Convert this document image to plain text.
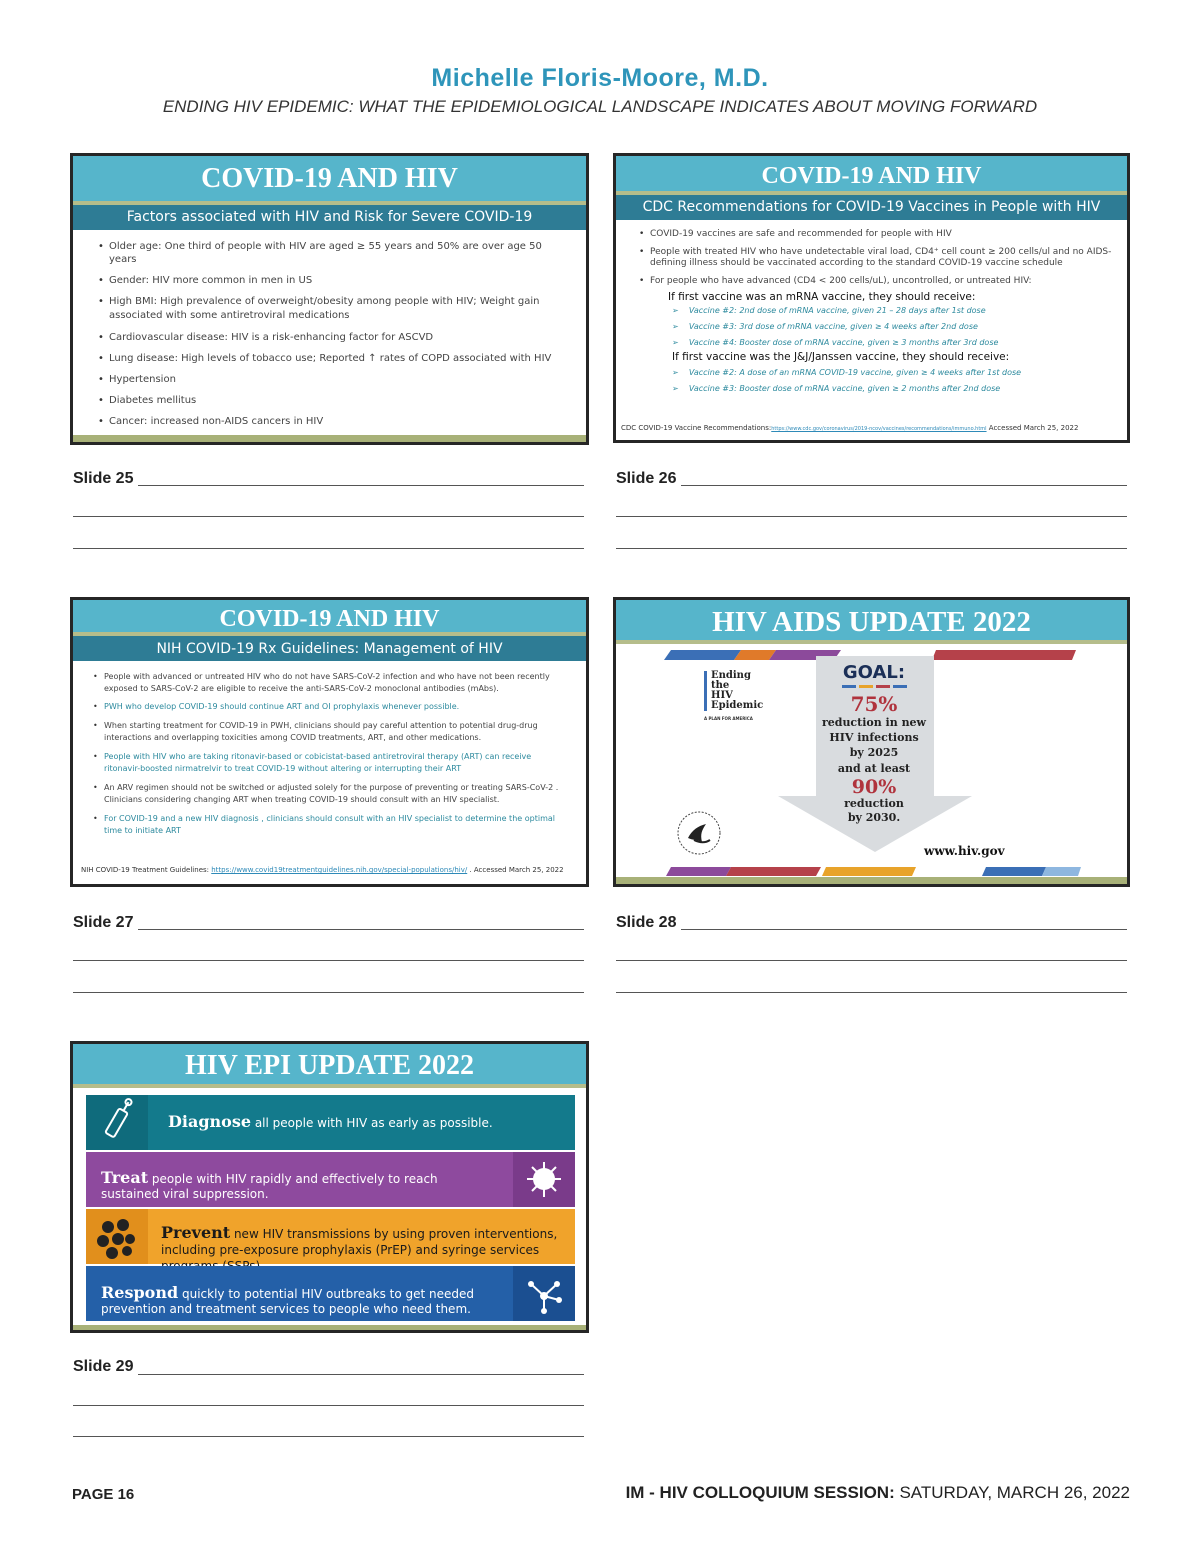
Michelle Floris-Moore, M.D.
ENDING HIV EPIDEMIC: WHAT THE EPIDEMIOLOGICAL LANDSCAPE INDICATES ABOUT MOVING FORWARD
COVID-19 AND HIV
Factors associated with HIV and Risk for Severe COVID-19
• Older age: One third of people with HIV are aged ≥ 55 years and 50% are over age 50 years
• Gender: HIV more common in men in US
• High BMI: High prevalence of overweight/obesity among people with HIV; Weight gain associated with some antiretroviral medications
• Cardiovascular disease: HIV is a risk-enhancing factor for ASCVD
• Lung disease: High levels of tobacco use; Reported ↑ rates of COPD associated with HIV
• Hypertension
• Diabetes mellitus
• Cancer: increased non-AIDS cancers in HIV
COVID-19 AND HIV
CDC Recommendations for COVID-19 Vaccines in People with HIV
• COVID-19 vaccines are safe and recommended for people with HIV
• People with treated HIV who have undetectable viral load, CD4⁺ cell count ≥ 200 cells/ul and no AIDS-defining illness should be vaccinated according to the standard COVID-19 vaccine schedule
• For people who have advanced (CD4 < 200 cells/uL), uncontrolled, or untreated HIV:
If first vaccine was an mRNA vaccine, they should receive:
➢    Vaccine #2: 2nd dose of mRNA vaccine, given 21 – 28 days after 1st dose
➢    Vaccine #3: 3rd dose of mRNA vaccine, given ≥ 4 weeks after 2nd dose
➢    Vaccine #4: Booster dose of mRNA vaccine, given ≥ 3 months after 3rd dose
If first vaccine was the J&J/Janssen vaccine, they should receive:
➢    Vaccine #2: A dose of an mRNA COVID-19 vaccine, given ≥ 4 weeks after 1st dose
➢    Vaccine #3: Booster dose of mRNA vaccine, given ≥ 2 months after 2nd dose
CDC COVID-19 Vaccine Recommendations:https://www.cdc.gov/coronavirus/2019-ncov/vaccines/recommendations/immuno.html Accessed March 25, 2022
COVID-19 AND HIV
NIH COVID-19 Rx Guidelines: Management of HIV
• People with advanced or untreated HIV who do not have SARS-CoV-2 infection and who have not been recently exposed to SARS-CoV-2 are eligible to receive the anti-SARS-CoV-2 monoclonal antibodies (mAbs).
• PWH who develop COVID-19 should continue ART and OI prophylaxis whenever possible.
• When starting treatment for COVID-19 in PWH, clinicians should pay careful attention to potential drug-drug interactions and overlapping toxicities among COVID treatments, ART, and other medications.
• People with HIV who are taking ritonavir-based or cobicistat-based antiretroviral therapy (ART) can receive ritonavir-boosted nirmatrelvir to treat COVID-19 without altering or interrupting their ART
• An ARV regimen should not be switched or adjusted solely for the purpose of preventing or treating SARS-CoV-2 . Clinicians considering changing ART when treating COVID-19 should consult with an HIV specialist.
• For COVID-19 and a new HIV diagnosis , clinicians should consult with an HIV specialist to determine the optimal time to initiate ART
NIH COVID-19 Treatment Guidelines: https://www.covid19treatmentguidelines.nih.gov/special-populations/hiv/ . Accessed March 25, 2022
HIV AIDS UPDATE 2022
Ending
the
HIV
Epidemic
A PLAN FOR AMERICA
GOAL:
75%
reduction in new
HIV infections
by 2025
and at least
90%
reduction
by 2030.
www.hiv.gov
HIV EPI UPDATE 2022
Diagnose all people with HIV as early as possible.
Treat people with HIV rapidly and effectively to reach sustained viral suppression.
Prevent new HIV transmissions by using proven interventions, including pre-exposure prophylaxis (PrEP) and syringe services
Respond quickly to potential HIV outbreaks to get needed prevention and treatment services to people who need them.
Slide 25	Slide 26
Slide 27	Slide 28
Slide 29
PAGE 16	IM - HIV COLLOQUIUM SESSION: SATURDAY, MARCH 26, 2022
